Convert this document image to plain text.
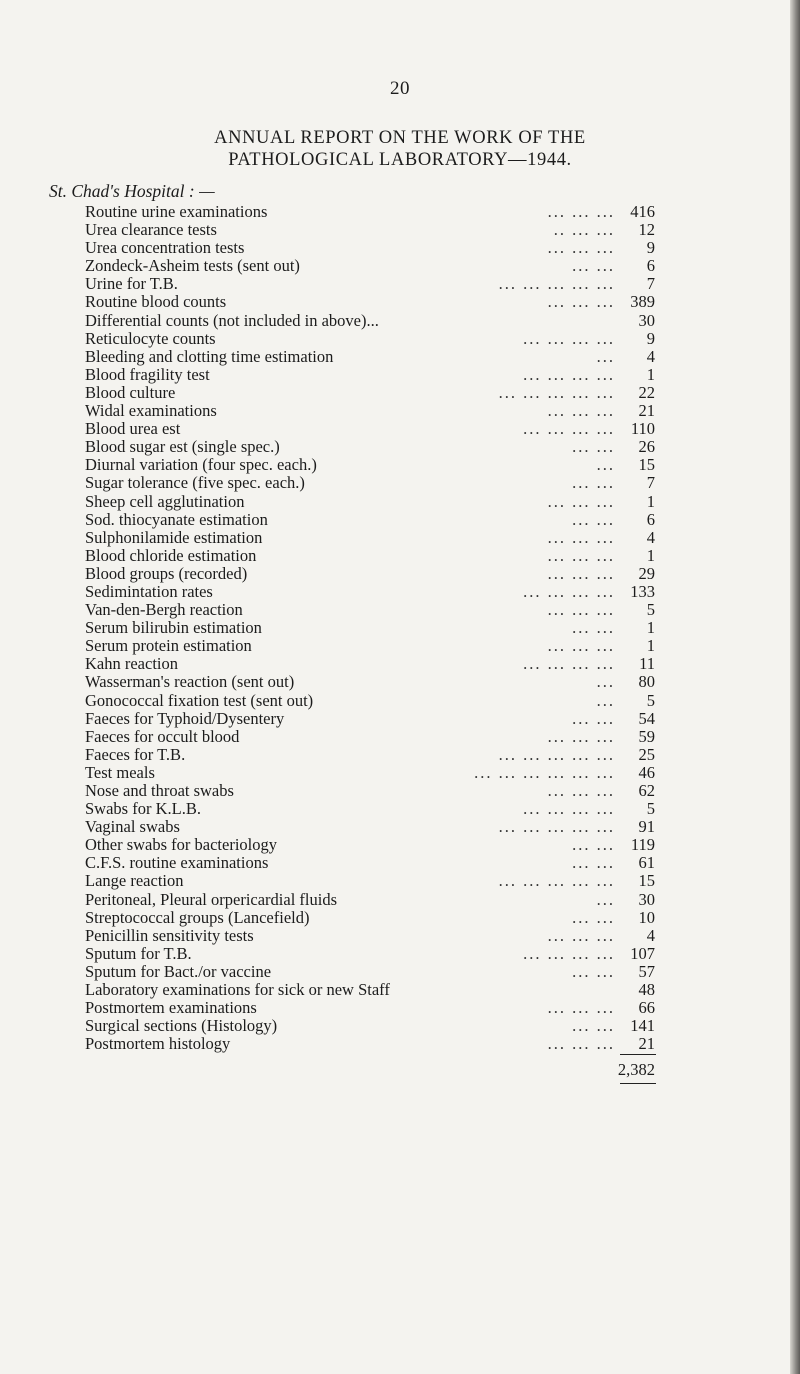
20
ANNUAL REPORT ON THE WORK OF THE
PATHOLOGICAL LABORATORY—1944.
St. Chad's Hospital : —
Routine urine examinations	... ... ... 416
Urea clearance tests	.. ... ... 12
Urea concentration tests	... ... ... 9
Zondeck-Asheim tests (sent out)	... ... 6
Urine for T.B.	... ... ... ... ... 7
Routine blood counts	... ... ... 389
Differential counts (not included in above)...	30
Reticulocyte counts	... ... ... ... 9
Bleeding and clotting time estimation	... 4
Blood fragility test	... ... ... ... 1
Blood culture	... ... ... ... ... 22
Widal examinations	... ... ... 21
Blood urea est	... ... ... ... 110
Blood sugar est (single spec.)	... ... 26
Diurnal variation (four spec. each.)	... 15
Sugar tolerance (five spec. each.)	... ... 7
Sheep cell agglutination	... ... ... 1
Sod. thiocyanate estimation	... ... 6
Sulphonilamide estimation	... ... ... 4
Blood chloride estimation	... ... ... 1
Blood groups (recorded)	... ... ... 29
Sedimintation rates	... ... ... ... 133
Van-den-Bergh reaction	... ... ... 5
Serum bilirubin estimation	... ... 1
Serum protein estimation	... ... ... 1
Kahn reaction	... ... ... ... 11
Wasserman's reaction (sent out)	... 80
Gonococcal fixation test (sent out)	... 5
Faeces for Typhoid/Dysentery	... ... 54
Faeces for occult blood	... ... ... 59
Faeces for T.B.	... ... ... ... ... 25
Test meals	... ... ... ... ... ... 46
Nose and throat swabs	... ... ... 62
Swabs for K.L.B.	... ... ... ... 5
Vaginal swabs	... ... ... ... ... 91
Other swabs for bacteriology	... ... 119
C.F.S. routine examinations	... ... 61
Lange reaction	... ... ... ... ... 15
Peritoneal, Pleural orpericardial fluids	... 30
Streptococcal groups (Lancefield)	... ... 10
Penicillin sensitivity tests	... ... ... 4
Sputum for T.B.	... ... ... ... 107
Sputum for Bact./or vaccine	... ... 57
Laboratory examinations for sick or new Staff	48
Postmortem examinations	... ... ... 66
Surgical sections (Histology)	... ... 141
Postmortem histology	... ... ... 21
2,382
